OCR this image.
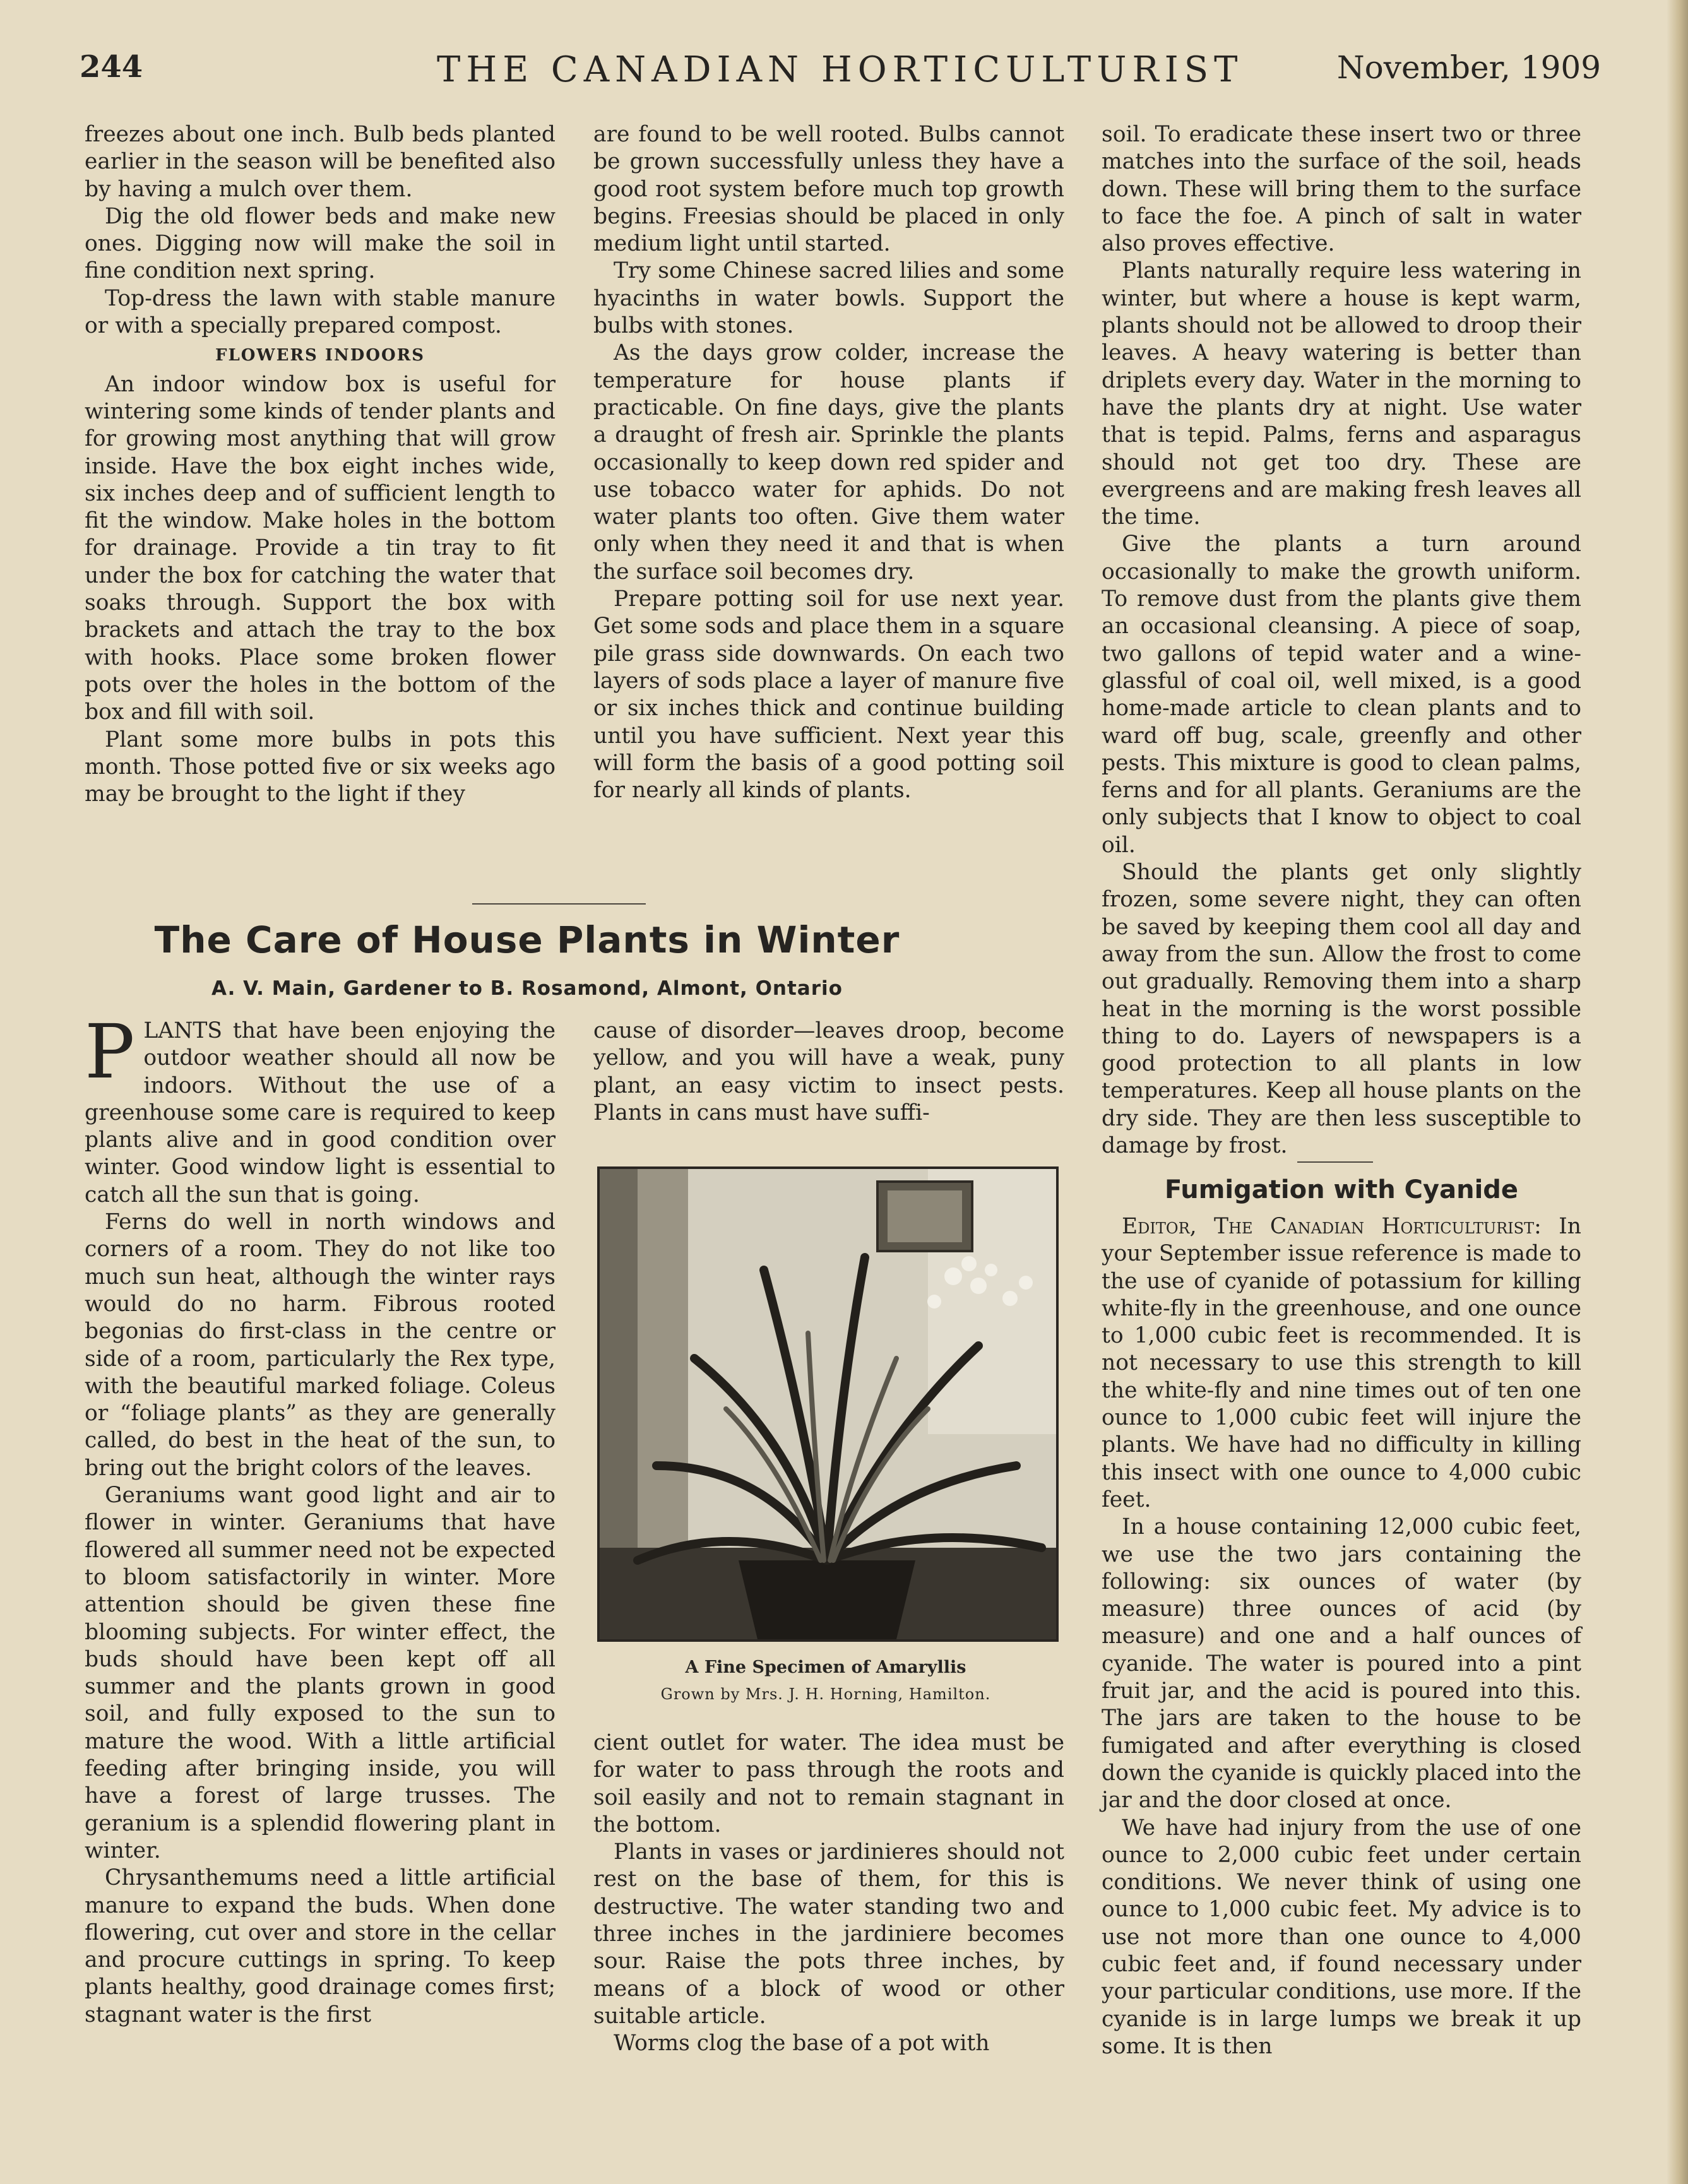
244	THE CANADIAN HORTICULTURIST	November, 1909

freezes about one inch. Bulb beds planted earlier in the season will be benefited also by having a mulch over them.

Dig the old flower beds and make new ones. Digging now will make the soil in fine condition next spring.

Top-dress the lawn with stable manure or with a specially prepared compost.

FLOWERS INDOORS

An indoor window box is useful for wintering some kinds of tender plants and for growing most anything that will grow inside. Have the box eight inches wide, six inches deep and of sufficient length to fit the window. Make holes in the bottom for drainage. Provide a tin tray to fit under the box for catching the water that soaks through. Support the box with brackets and attach the tray to the box with hooks. Place some broken flower pots over the holes in the bottom of the box and fill with soil.

Plant some more bulbs in pots this month. Those potted five or six weeks ago may be brought to the light if they

are found to be well rooted. Bulbs cannot be grown successfully unless they have a good root system before much top growth begins. Freesias should be placed in only medium light until started.

Try some Chinese sacred lilies and some hyacinths in water bowls. Support the bulbs with stones.

As the days grow colder, increase the temperature for house plants if practicable. On fine days, give the plants a draught of fresh air. Sprinkle the plants occasionally to keep down red spider and use tobacco water for aphids. Do not water plants too often. Give them water only when they need it and that is when the surface soil becomes dry.

Prepare potting soil for use next year. Get some sods and place them in a square pile grass side downwards. On each two layers of sods place a layer of manure five or six inches thick and continue building until you have sufficient. Next year this will form the basis of a good potting soil for nearly all kinds of plants.

The Care of House Plants in Winter
A. V. Main, Gardener to B. Rosamond, Almont, Ontario

PLANTS that have been enjoying the outdoor weather should all now be indoors. Without the use of a greenhouse some care is required to keep plants alive and in good condition over winter. Good window light is essential to catch all the sun that is going.

Ferns do well in north windows and corners of a room. They do not like too much sun heat, although the winter rays would do no harm. Fibrous rooted begonias do first-class in the centre or side of a room, particularly the Rex type, with the beautiful marked foliage. Coleus or “foliage plants” as they are generally called, do best in the heat of the sun, to bring out the bright colors of the leaves.

Geraniums want good light and air to flower in winter. Geraniums that have flowered all summer need not be expected to bloom satisfactorily in winter. More attention should be given these fine blooming subjects. For winter effect, the buds should have been kept off all summer and the plants grown in good soil, and fully exposed to the sun to mature the wood. With a little artificial feeding after bringing inside, you will have a forest of large trusses. The geranium is a splendid flowering plant in winter.

Chrysanthemums need a little artificial manure to expand the buds. When done flowering, cut over and store in the cellar and procure cuttings in spring. To keep plants healthy, good drainage comes first; stagnant water is the first

cause of disorder—leaves droop, become yellow, and you will have a weak, puny plant, an easy victim to insect pests. Plants in cans must have suffi-

A Fine Specimen of Amaryllis
Grown by Mrs. J. H. Horning, Hamilton.

cient outlet for water. The idea must be for water to pass through the roots and soil easily and not to remain stagnant in the bottom.

Plants in vases or jardinieres should not rest on the base of them, for this is destructive. The water standing two and three inches in the jardiniere becomes sour. Raise the pots three inches, by means of a block of wood or other suitable article.

Worms clog the base of a pot with

soil. To eradicate these insert two or three matches into the surface of the soil, heads down. These will bring them to the surface to face the foe. A pinch of salt in water also proves effective.

Plants naturally require less watering in winter, but where a house is kept warm, plants should not be allowed to droop their leaves. A heavy watering is better than driplets every day. Water in the morning to have the plants dry at night. Use water that is tepid. Palms, ferns and asparagus should not get too dry. These are evergreens and are making fresh leaves all the time.

Give the plants a turn around occasionally to make the growth uniform. To remove dust from the plants give them an occasional cleansing. A piece of soap, two gallons of tepid water and a wine-glassful of coal oil, well mixed, is a good home-made article to clean plants and to ward off bug, scale, greenfly and other pests. This mixture is good to clean palms, ferns and for all plants. Geraniums are the only subjects that I know to object to coal oil.

Should the plants get only slightly frozen, some severe night, they can often be saved by keeping them cool all day and away from the sun. Allow the frost to come out gradually. Removing them into a sharp heat in the morning is the worst possible thing to do. Layers of newspapers is a good protection to all plants in low temperatures. Keep all house plants on the dry side. They are then less susceptible to damage by frost.

Fumigation with Cyanide

Editor, The Canadian Horticulturist: In your September issue reference is made to the use of cyanide of potassium for killing white-fly in the greenhouse, and one ounce to 1,000 cubic feet is recommended. It is not necessary to use this strength to kill the white-fly and nine times out of ten one ounce to 1,000 cubic feet will injure the plants. We have had no difficulty in killing this insect with one ounce to 4,000 cubic feet.

In a house containing 12,000 cubic feet, we use the two jars containing the following: six ounces of water (by measure) three ounces of acid (by measure) and one and a half ounces of cyanide. The water is poured into a pint fruit jar, and the acid is poured into this. The jars are taken to the house to be fumigated and after everything is closed down the cyanide is quickly placed into the jar and the door closed at once.

We have had injury from the use of one ounce to 2,000 cubic feet under certain conditions. We never think of using one ounce to 1,000 cubic feet. My advice is to use not more than one ounce to 4,000 cubic feet and, if found necessary under your particular conditions, use more. If the cyanide is in large lumps we break it up some. It is then
